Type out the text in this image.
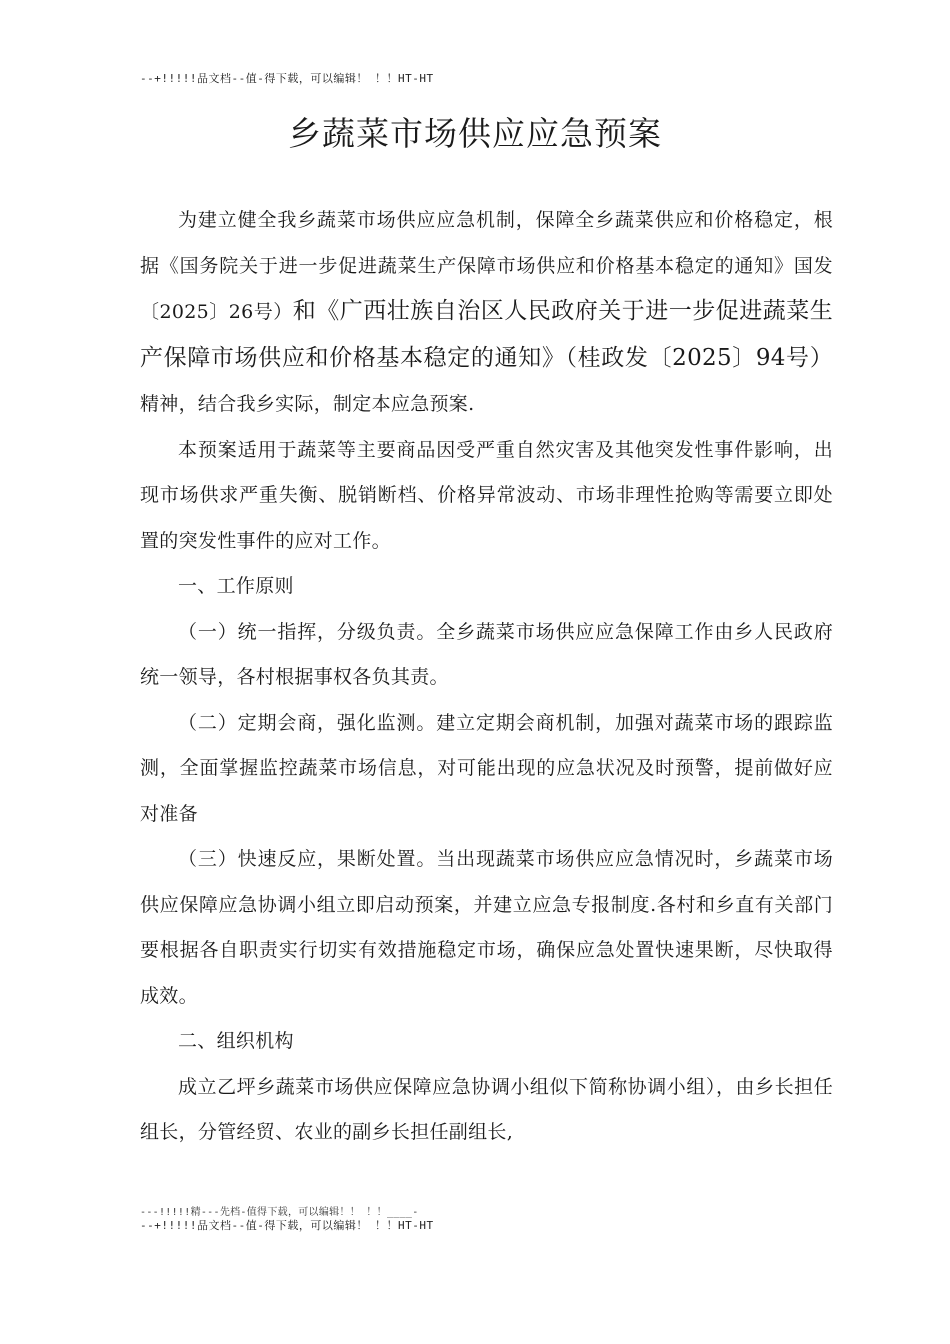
--+!!!!!品文档--值-得下载，可以编辑！ ！！HT-HT
乡蔬菜市场供应应急预案

为建立健全我乡蔬菜市场供应应急机制，保障全乡蔬菜供应和价格稳定，根据《国务院关于进一步促进蔬菜生产保障市场供应和价格基本稳定的通知》国发〔2025〕26号）和《广西壮族自治区人民政府关于进一步促进蔬菜生产保障市场供应和价格基本稳定的通知》（桂政发〔2025〕94号）精神，结合我乡实际，制定本应急预案.

本预案适用于蔬菜等主要商品因受严重自然灾害及其他突发性事件影响，出现市场供求严重失衡、脱销断档、价格异常波动、市场非理性抢购等需要立即处置的突发性事件的应对工作。

一、工作原则

（一）统一指挥，分级负责。全乡蔬菜市场供应应急保障工作由乡人民政府统一领导，各村根据事权各负其责。

（二）定期会商，强化监测。建立定期会商机制，加强对蔬菜市场的跟踪监测，全面掌握监控蔬菜市场信息，对可能出现的应急状况及时预警，提前做好应对准备

（三）快速反应，果断处置。当出现蔬菜市场供应应急情况时，乡蔬菜市场供应保障应急协调小组立即启动预案，并建立应急专报制度.各村和乡直有关部门要根据各自职责实行切实有效措施稳定市场，确保应急处置快速果断，尽快取得成效。

二、组织机构

成立乙坪乡蔬菜市场供应保障应急协调小组似下简称协调小组），由乡长担任组长，分管经贸、农业的副乡长担任副组长,

---!!!!!精---先档-值得下载，可以编辑！！ ！！____-
--+!!!!!品文档--值-得下载，可以编辑！ ！！HT-HT
